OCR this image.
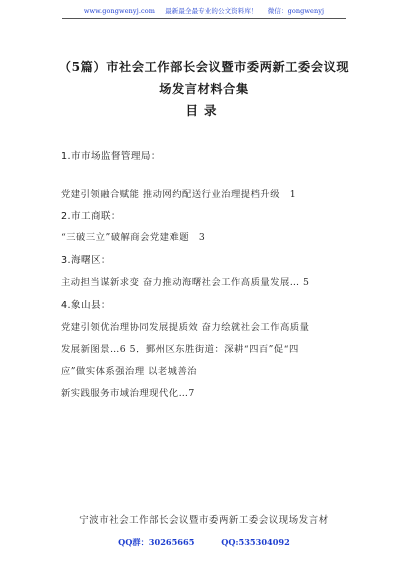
www.gongwenyj.com 最新最全最专业的公文资料库！ 微信：gongwenyj
（5篇）市社会工作部长会议暨市委两新工委会议现
场发言材料合集
目录
1.市市场监督管理局：
党建引领融合赋能 推动网约配送行业治理提档升级　1
2.市工商联：
“三破三立”破解商会党建难题　3
3.海曙区：
主动担当谋新求变 奋力推动海曙社会工作高质量发展… 5
4.象山县：
党建引领优治理协同发展提质效 奋力绘就社会工作高质量
发展新图景…6 5．鄞州区东胜街道：深耕“四百”促“四
应”做实体系强治理 以老城善治
新实践服务市域治理现代化…7
宁波市社会工作部长会议暨市委两新工委会议现场发言材
QQ群：30265665	QQ:535304092
